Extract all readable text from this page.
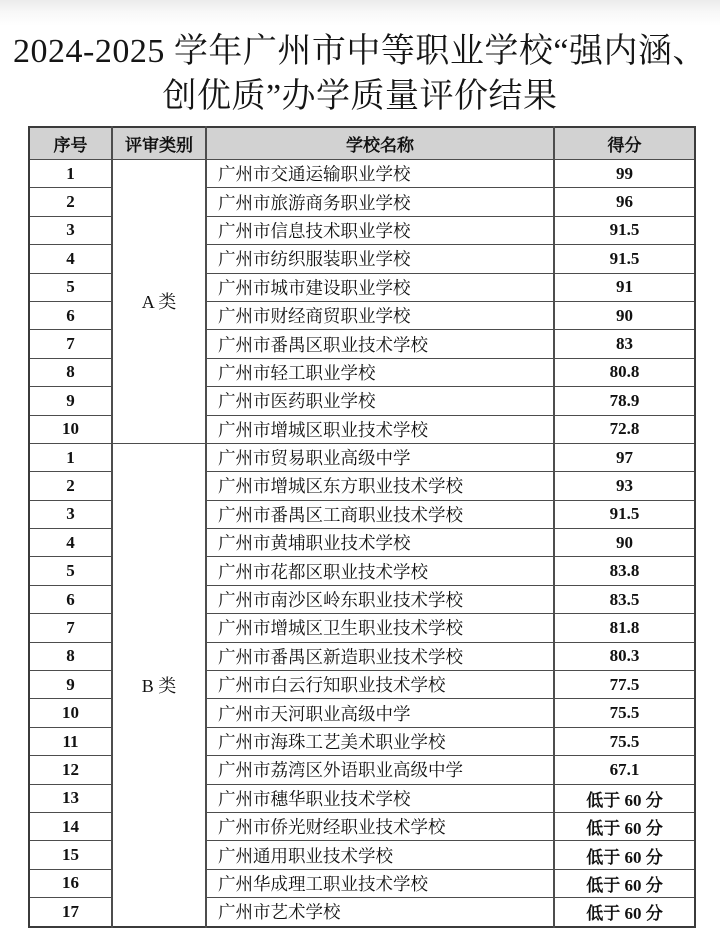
2024-2025 学年广州市中等职业学校“强内涵、
创优质”办学质量评价结果
序号	评审类别	学校名称	得分
1	A 类	广州市交通运输职业学校	99
2		广州市旅游商务职业学校	96
3		广州市信息技术职业学校	91.5
4		广州市纺织服装职业学校	91.5
5		广州市城市建设职业学校	91
6		广州市财经商贸职业学校	90
7		广州市番禺区职业技术学校	83
8		广州市轻工职业学校	80.8
9		广州市医药职业学校	78.9
10		广州市增城区职业技术学校	72.8
1	B 类	广州市贸易职业高级中学	97
2		广州市增城区东方职业技术学校	93
3		广州市番禺区工商职业技术学校	91.5
4		广州市黄埔职业技术学校	90
5		广州市花都区职业技术学校	83.8
6		广州市南沙区岭东职业技术学校	83.5
7		广州市增城区卫生职业技术学校	81.8
8		广州市番禺区新造职业技术学校	80.3
9		广州市白云行知职业技术学校	77.5
10		广州市天河职业高级中学	75.5
11		广州市海珠工艺美术职业学校	75.5
12		广州市荔湾区外语职业高级中学	67.1
13		广州市穗华职业技术学校	低于 60 分
14		广州市侨光财经职业技术学校	低于 60 分
15		广州通用职业技术学校	低于 60 分
16		广州华成理工职业技术学校	低于 60 分
17		广州市艺术学校	低于 60 分
